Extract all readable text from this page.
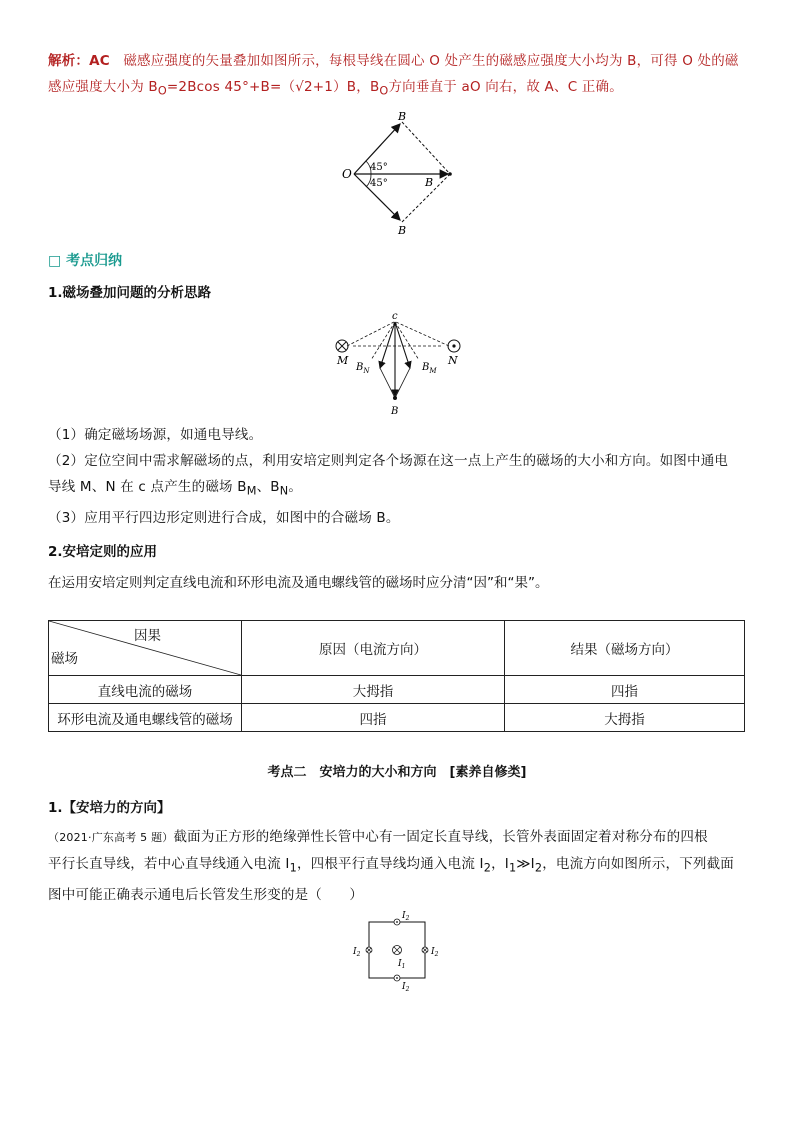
解析：AC 磁感应强度的矢量叠加如图所示，每根导线在圆心 O 处产生的磁感应强度大小均为 B，可得 O 处的磁
感应强度大小为 $B_O=2Bcos$ 45°+B=（√2+1）B，$B_O$方向垂直于 aO 向右，故 A、C 正确。
O
B
B
B
45°
45°
□ 考点归纳
1.磁场叠加问题的分析思路
c
M	N
$B_N$	$B_M$
B
（1）确定磁场场源，如通电导线。
（2）定位空间中需求解磁场的点，利用安培定则判定各个场源在这一点上产生的磁场的大小和方向。如图中通电
导线 M、N 在 c 点产生的磁场 $B_M$、$B_N$。
（3）应用平行四边形定则进行合成，如图中的合磁场 B。
2.安培定则的应用
在运用安培定则判定直线电流和环形电流及通电螺线管的磁场时应分清“因”和“果”。
因果
磁场	原因（电流方向）	结果（磁场方向）
直线电流的磁场	大拇指	四指
环形电流及通电螺线管的磁场	四指	大拇指
考点二　安培力的大小和方向　[素养自修类]
1.【安培力的方向】
（2021·广东高考 5 题）截面为正方形的绝缘弹性长管中心有一固定长直导线，长管外表面固定着对称分布的四根
平行长直导线，若中心直导线通入电流 $I_1$，四根平行直导线均通入电流 $I_2$，$I_1≫I_2$，电流方向如图所示，下列截面
图中可能正确表示通电后长管发生形变的是（　　）
$I_2$
$I_2$
$I_2$	$I_2$
$I_1$
